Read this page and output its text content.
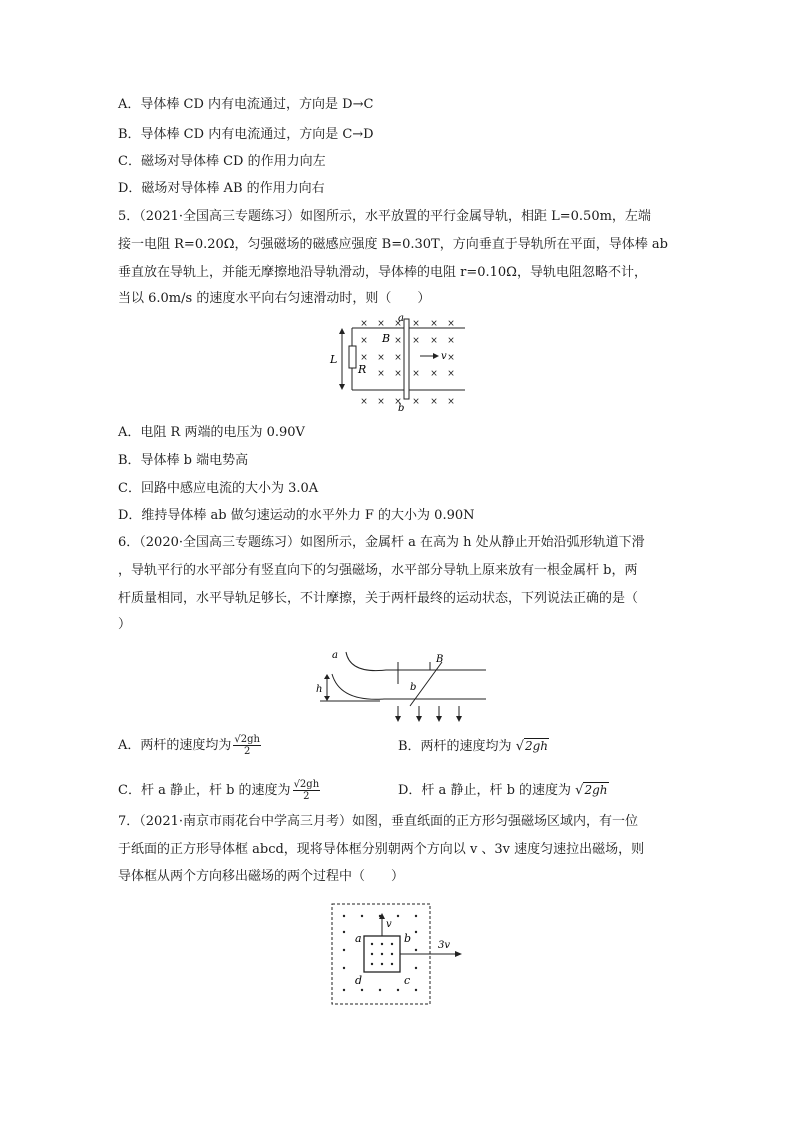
A．导体棒 CD 内有电流通过，方向是 D→C
B．导体棒 CD 内有电流通过，方向是 C→D
C．磁场对导体棒 CD 的作用力向左
D．磁场对导体棒 AB 的作用力向右
5．（2021·全国高三专题练习）如图所示，水平放置的平行金属导轨，相距 L=0.50m，左端
接一电阻 R=0.20Ω，匀强磁场的磁感应强度 B=0.30T，方向垂直于导轨所在平面，导体棒 ab
垂直放在导轨上，并能无摩擦地沿导轨滑动，导体棒的电阻 r=0.10Ω，导轨电阻忽略不计，
当以 6.0m/s 的速度水平向右匀速滑动时，则（　　）
× × × × × ×
×	× × × ×
× × ×	×
× × × × ×
× × × × × ×
a
b
B
L
R
v
A．电阻 R 两端的电压为 0.90V
B．导体棒 b 端电势高
C．回路中感应电流的大小为 3.0A
D．维持导体棒 ab 做匀速运动的水平外力 F 的大小为 0.90N
6．（2020·全国高三专题练习）如图所示，金属杆 a 在高为 h 处从静止开始沿弧形轨道下滑
，导轨平行的水平部分有竖直向下的匀强磁场，水平部分导轨上原来放有一根金属杆 b，两
杆质量相同，水平导轨足够长，不计摩擦，关于两杆最终的运动状态，下列说法正确的是（
）
a
b
B
h
A．两杆的速度均为 $\frac{√2gh}{2}$	B．两杆的速度均为 √2gh
C．杆 a 静止，杆 b 的速度为 $\frac{√2gh}{2}$	D．杆 a 静止，杆 b 的速度为 √2gh
7．（2021·南京市雨花台中学高三月考）如图，垂直纸面的正方形匀强磁场区域内，有一位
于纸面的正方形导体框 abcd，现将导体框分别朝两个方向以 v 、3v 速度匀速拉出磁场，则
导体框从两个方向移出磁场的两个过程中（　　）
a	b
c
d
v
3v
